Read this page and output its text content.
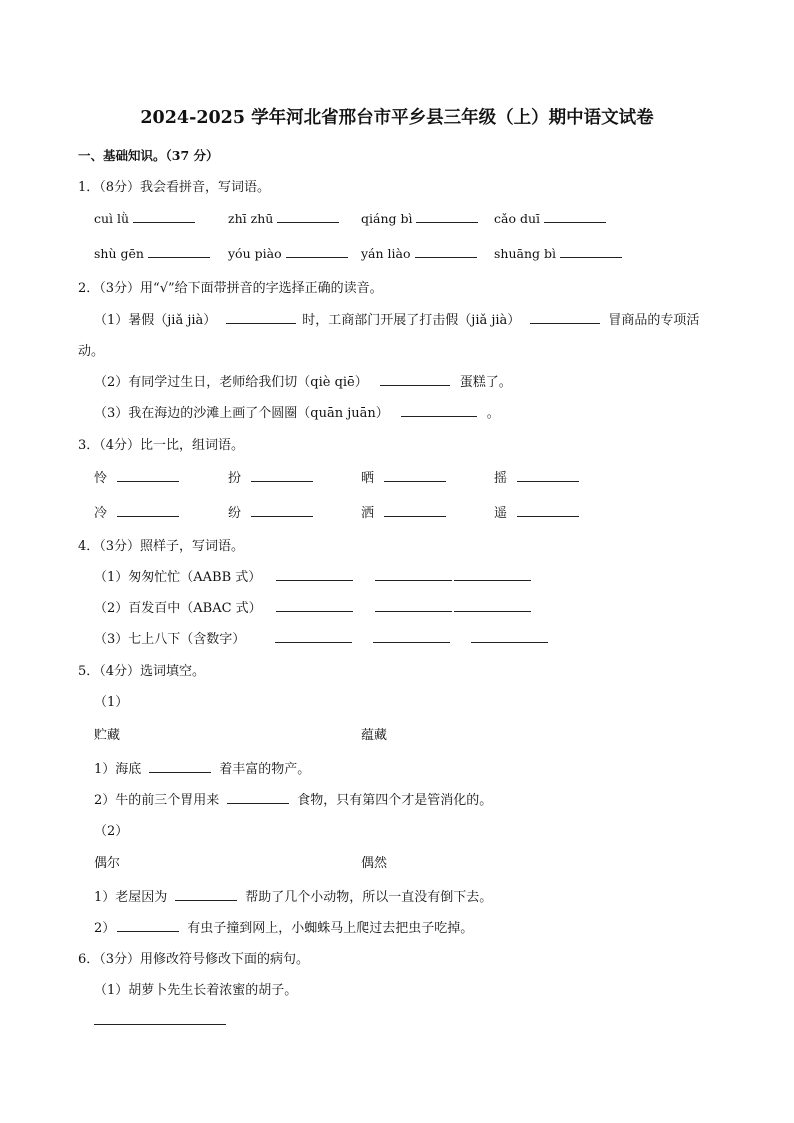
2024-2025 学年河北省邢台市平乡县三年级（上）期中语文试卷
一、基础知识。（37 分）
1．（8分）我会看拼音，写词语。
cuì lǜ	zhī zhū	qiáng bì	cǎo duī
shù gēn	yóu piào	yán liào	shuāng bì
2．（3分）用“√”给下面带拼音的字选择正确的读音。
（1）暑假（jiǎ jià）	时，工商部门开展了打击假（jiǎ jià）	冒商品的专项活
动。
（2）有同学过生日，老师给我们切（qiè qiē）	蛋糕了。
（3）我在海边的沙滩上画了个圆圈（quān juān）	。
3．（4分）比一比，组词语。
怜	扮	晒	摇
冷	纷	洒	遥
4．（3分）照样子，写词语。
（2）百发百中（ABAC 式）
（1）匆匆忙忙（AABB 式）
（3）七上八下（含数字）
5．（4分）选词填空。
（1）
贮藏	蕴藏
1）海底	着丰富的物产。
2）牛的前三个胃用来	食物，只有第四个才是管消化的。
（2）
偶尔	偶然
1）老屋因为	帮助了几个小动物，所以一直没有倒下去。
2）	有虫子撞到网上，小蜘蛛马上爬过去把虫子吃掉。
6．（3分）用修改符号修改下面的病句。
（1）胡萝卜先生长着浓蜜的胡子。
